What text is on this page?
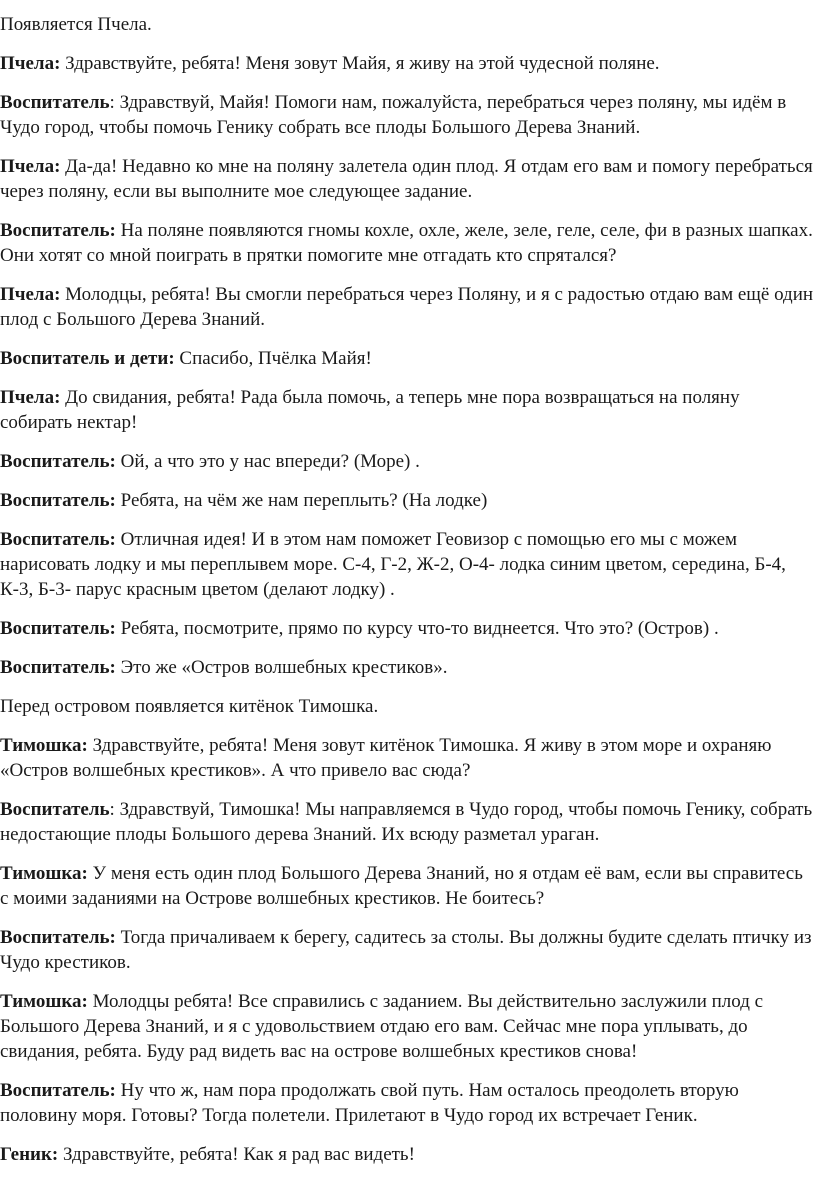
Появляется Пчела.

Пчела: Здравствуйте, ребята! Меня зовут Майя, я живу на этой чудесной поляне.

Воспитатель: Здравствуй, Майя! Помоги нам, пожалуйста, перебраться через поляну, мы идём в Чудо город, чтобы помочь Генику собрать все плоды Большого Дерева Знаний.

Пчела: Да-да! Недавно ко мне на поляну залетела один плод. Я отдам его вам и помогу перебраться через поляну, если вы выполните мое следующее задание.

Воспитатель: На поляне появляются гномы кохле, охле, желе, зеле, геле, селе, фи в разных шапках. Они хотят со мной поиграть в прятки помогите мне отгадать кто спрятался?

Пчела: Молодцы, ребята! Вы смогли перебраться через Поляну, и я с радостью отдаю вам ещё один плод с Большого Дерева Знаний.

Воспитатель и дети: Спасибо, Пчёлка Майя!

Пчела: До свидания, ребята! Рада была помочь, а теперь мне пора возвращаться на поляну собирать нектар!

Воспитатель: Ой, а что это у нас впереди? (Море) .

Воспитатель: Ребята, на чём же нам переплыть? (На лодке)

Воспитатель: Отличная идея! И в этом нам поможет Геовизор с помощью его мы с можем нарисовать лодку и мы переплывем море. С-4, Г-2, Ж-2, О-4- лодка синим цветом, середина, Б-4, К-3, Б-3- парус красным цветом (делают лодку) .

Воспитатель: Ребята, посмотрите, прямо по курсу что-то виднеется. Что это? (Остров) .

Воспитатель: Это же «Остров волшебных крестиков».

Перед островом появляется китёнок Тимошка.

Тимошка: Здравствуйте, ребята! Меня зовут китёнок Тимошка. Я живу в этом море и охраняю «Остров волшебных крестиков». А что привело вас сюда?

Воспитатель: Здравствуй, Тимошка! Мы направляемся в Чудо город, чтобы помочь Генику, собрать недостающие плоды Большого дерева Знаний. Их всюду разметал ураган.

Тимошка: У меня есть один плод Большого Дерева Знаний, но я отдам её вам, если вы справитесь с моими заданиями на Острове волшебных крестиков. Не боитесь?

Воспитатель: Тогда причаливаем к берегу, садитесь за столы. Вы должны будите сделать птичку из Чудо крестиков.

Тимошка: Молодцы ребята! Все справились с заданием. Вы действительно заслужили плод с Большого Дерева Знаний, и я с удовольствием отдаю его вам. Сейчас мне пора уплывать, до свидания, ребята. Буду рад видеть вас на острове волшебных крестиков снова!

Воспитатель: Ну что ж, нам пора продолжать свой путь. Нам осталось преодолеть вторую половину моря. Готовы? Тогда полетели. Прилетают в Чудо город их встречает Геник.

Геник: Здравствуйте, ребята! Как я рад вас видеть!
